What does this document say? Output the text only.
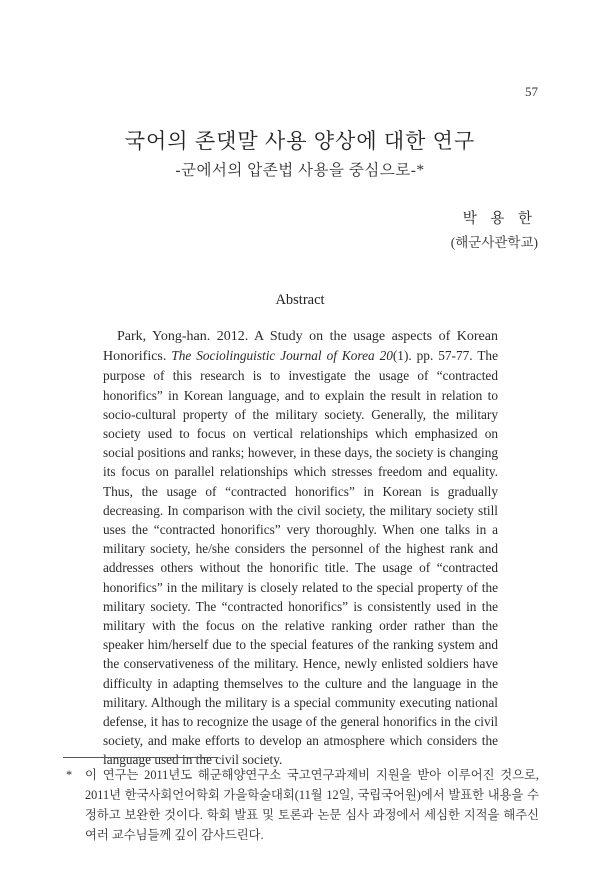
57
국어의 존댓말 사용 양상에 대한 연구
-군에서의 압존법 사용을 중심으로-*
박 용 한
(해군사관학교)
Abstract
Park, Yong-han. 2012. A Study on the usage aspects of Korean Honorifics. The Sociolinguistic Journal of Korea 20(1). pp. 57-77. The purpose of this research is to investigate the usage of “contracted honorifics” in Korean language, and to explain the result in relation to socio-cultural property of the military society. Generally, the military society used to focus on vertical relationships which emphasized on social positions and ranks; however, in these days, the society is changing its focus on parallel relationships which stresses freedom and equality. Thus, the usage of “contracted honorifics” in Korean is gradually decreasing. In comparison with the civil society, the military society still uses the “contracted honorifics” very thoroughly. When one talks in a military society, he/she considers the personnel of the highest rank and addresses others without the honorific title. The usage of “contracted honorifics” in the military is closely related to the special property of the military society. The “contracted honorifics” is consistently used in the military with the focus on the relative ranking order rather than the speaker him/herself due to the special features of the ranking system and the conservativeness of the military. Hence, newly enlisted soldiers have difficulty in adapting themselves to the culture and the language in the military. Although the military is a special community executing national defense, it has to recognize the usage of the general honorifics in the civil society, and make efforts to develop an atmosphere which considers the language used in the civil society.
* 이 연구는 2011년도 해군해양연구소 국고연구과제비 지원을 받아 이루어진 것으로, 2011년 한국사회언어학회 가을학술대회(11월 12일, 국립국어원)에서 발표한 내용을 수정하고 보완한 것이다. 학회 발표 및 토론과 논문 심사 과정에서 세심한 지적을 해주신 여러 교수님들께 깊이 감사드린다.
